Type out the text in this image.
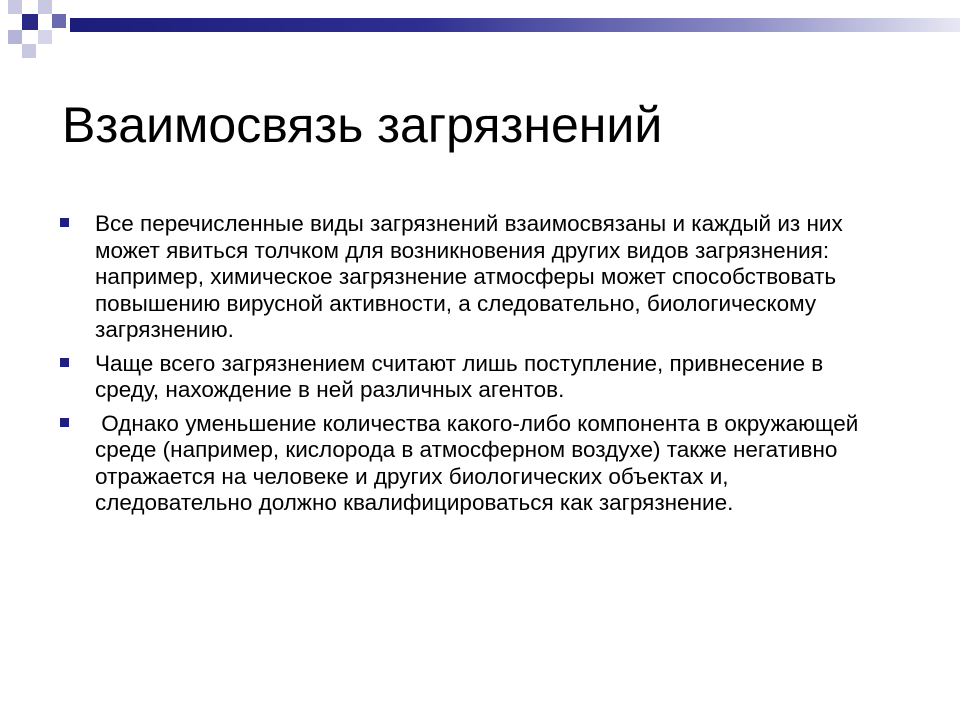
Взаимосвязь загрязнений
Все перечисленные виды загрязнений взаимосвязаны и каждый из них может явиться толчком для возникновения других видов загрязнения: например, химическое загрязнение атмосферы может способствовать повышению вирусной активности, а следовательно, биологическому загрязнению.
Чаще всего загрязнением считают лишь поступление, привнесение в среду, нахождение в ней различных агентов.
Однако уменьшение количества какого-либо компонента в окружающей среде (например, кислорода в атмосферном воздухе) также негативно отражается на человеке и других биологических объектах и, следовательно должно квалифицироваться как загрязнение.
